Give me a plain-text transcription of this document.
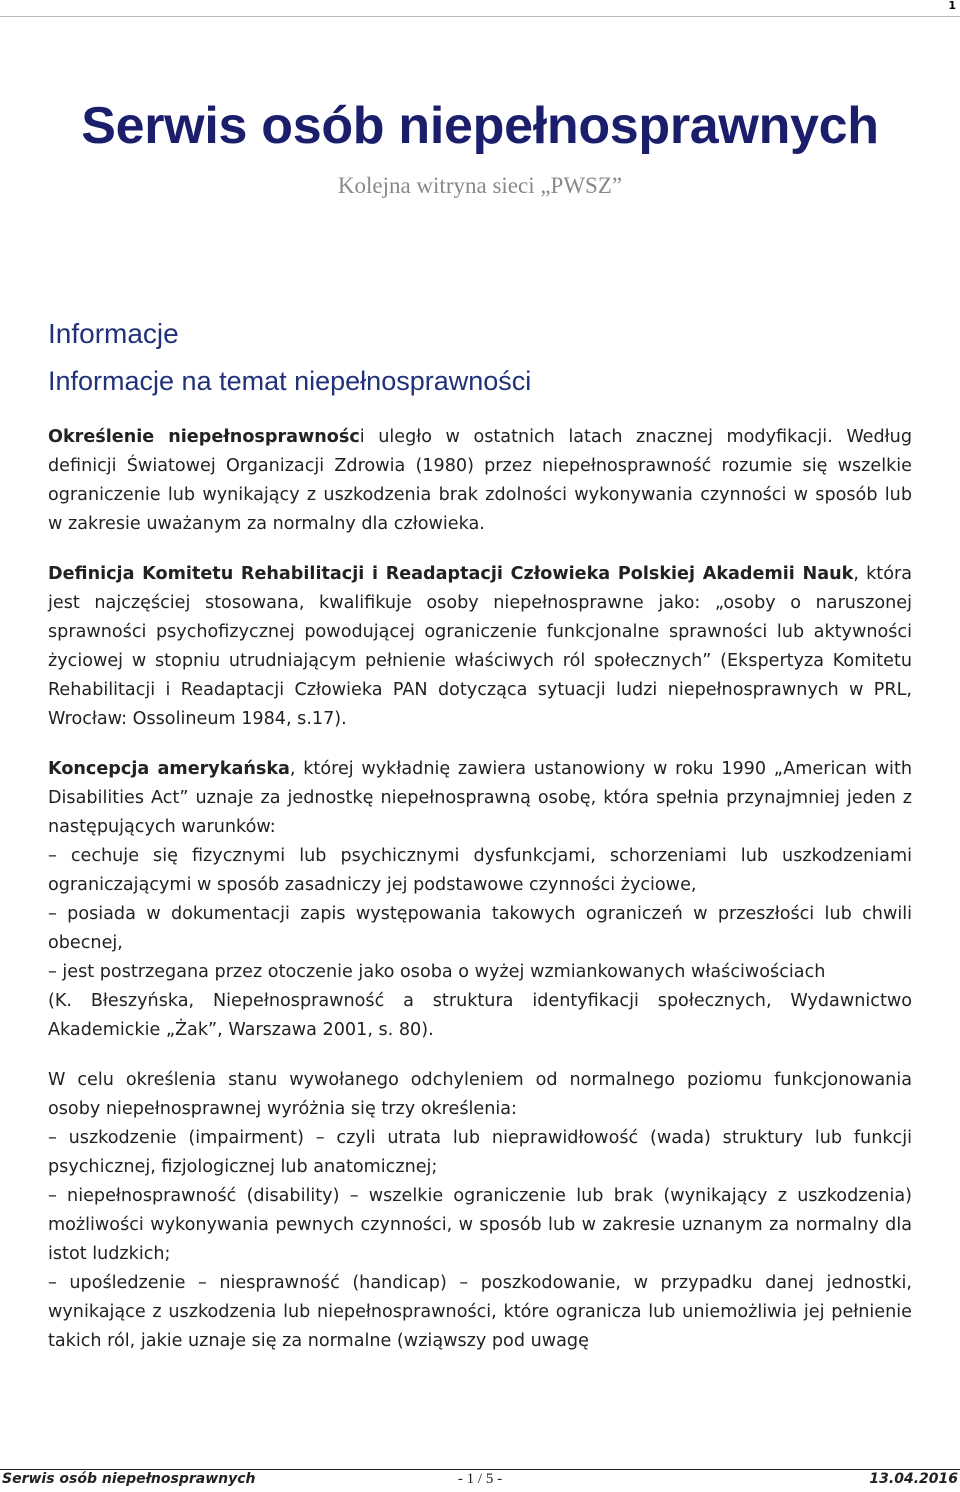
1
Serwis osób niepełnosprawnych
Kolejna witryna sieci „PWSZ”
Informacje
Informacje na temat niepełnosprawności

Określenie niepełnosprawności uległo w ostatnich latach znacznej modyfikacji. Według definicji Światowej Organizacji Zdrowia (1980) przez niepełnosprawność rozumie się wszelkie ograniczenie lub wynikający z uszkodzenia brak zdolności wykonywania czynności w sposób lub w zakresie uważanym za normalny dla człowieka.

Definicja Komitetu Rehabilitacji i Readaptacji Człowieka Polskiej Akademii Nauk, która jest najczęściej stosowana, kwalifikuje osoby niepełnosprawne jako: „osoby o naruszonej sprawności psychofizycznej powodującej ograniczenie funkcjonalne sprawności lub aktywności życiowej w stopniu utrudniającym pełnienie właściwych ról społecznych” (Ekspertyza Komitetu Rehabilitacji i Readaptacji Człowieka PAN dotycząca sytuacji ludzi niepełnosprawnych w PRL, Wrocław: Ossolineum 1984, s.17).

Koncepcja amerykańska, której wykładnię zawiera ustanowiony w roku 1990 „American with Disabilities Act” uznaje za jednostkę niepełnosprawną osobę, która spełnia przynajmniej jeden z następujących warunków:
– cechuje się fizycznymi lub psychicznymi dysfunkcjami, schorzeniami lub uszkodzeniami ograniczającymi w sposób zasadniczy jej podstawowe czynności życiowe,
– posiada w dokumentacji zapis występowania takowych ograniczeń w przeszłości lub chwili obecnej,
– jest postrzegana przez otoczenie jako osoba o wyżej wzmiankowanych właściwościach
(K. Błeszyńska, Niepełnosprawność a struktura identyfikacji społecznych, Wydawnictwo Akademickie „Żak”, Warszawa 2001, s. 80).

W celu określenia stanu wywołanego odchyleniem od normalnego poziomu funkcjonowania osoby niepełnosprawnej wyróżnia się trzy określenia:
– uszkodzenie (impairment) – czyli utrata lub nieprawidłowość (wada) struktury lub funkcji psychicznej, fizjologicznej lub anatomicznej;
– niepełnosprawność (disability) – wszelkie ograniczenie lub brak (wynikający z uszkodzenia) możliwości wykonywania pewnych czynności, w sposób lub w zakresie uznanym za normalny dla istot ludzkich;
– upośledzenie – niesprawność (handicap) – poszkodowanie, w przypadku danej jednostki, wynikające z uszkodzenia lub niepełnosprawności, które ogranicza lub uniemożliwia jej pełnienie takich ról, jakie uznaje się za normalne (wziąwszy pod uwagę

Serwis osób niepełnosprawnych	- 1 / 5 -	13.04.2016
